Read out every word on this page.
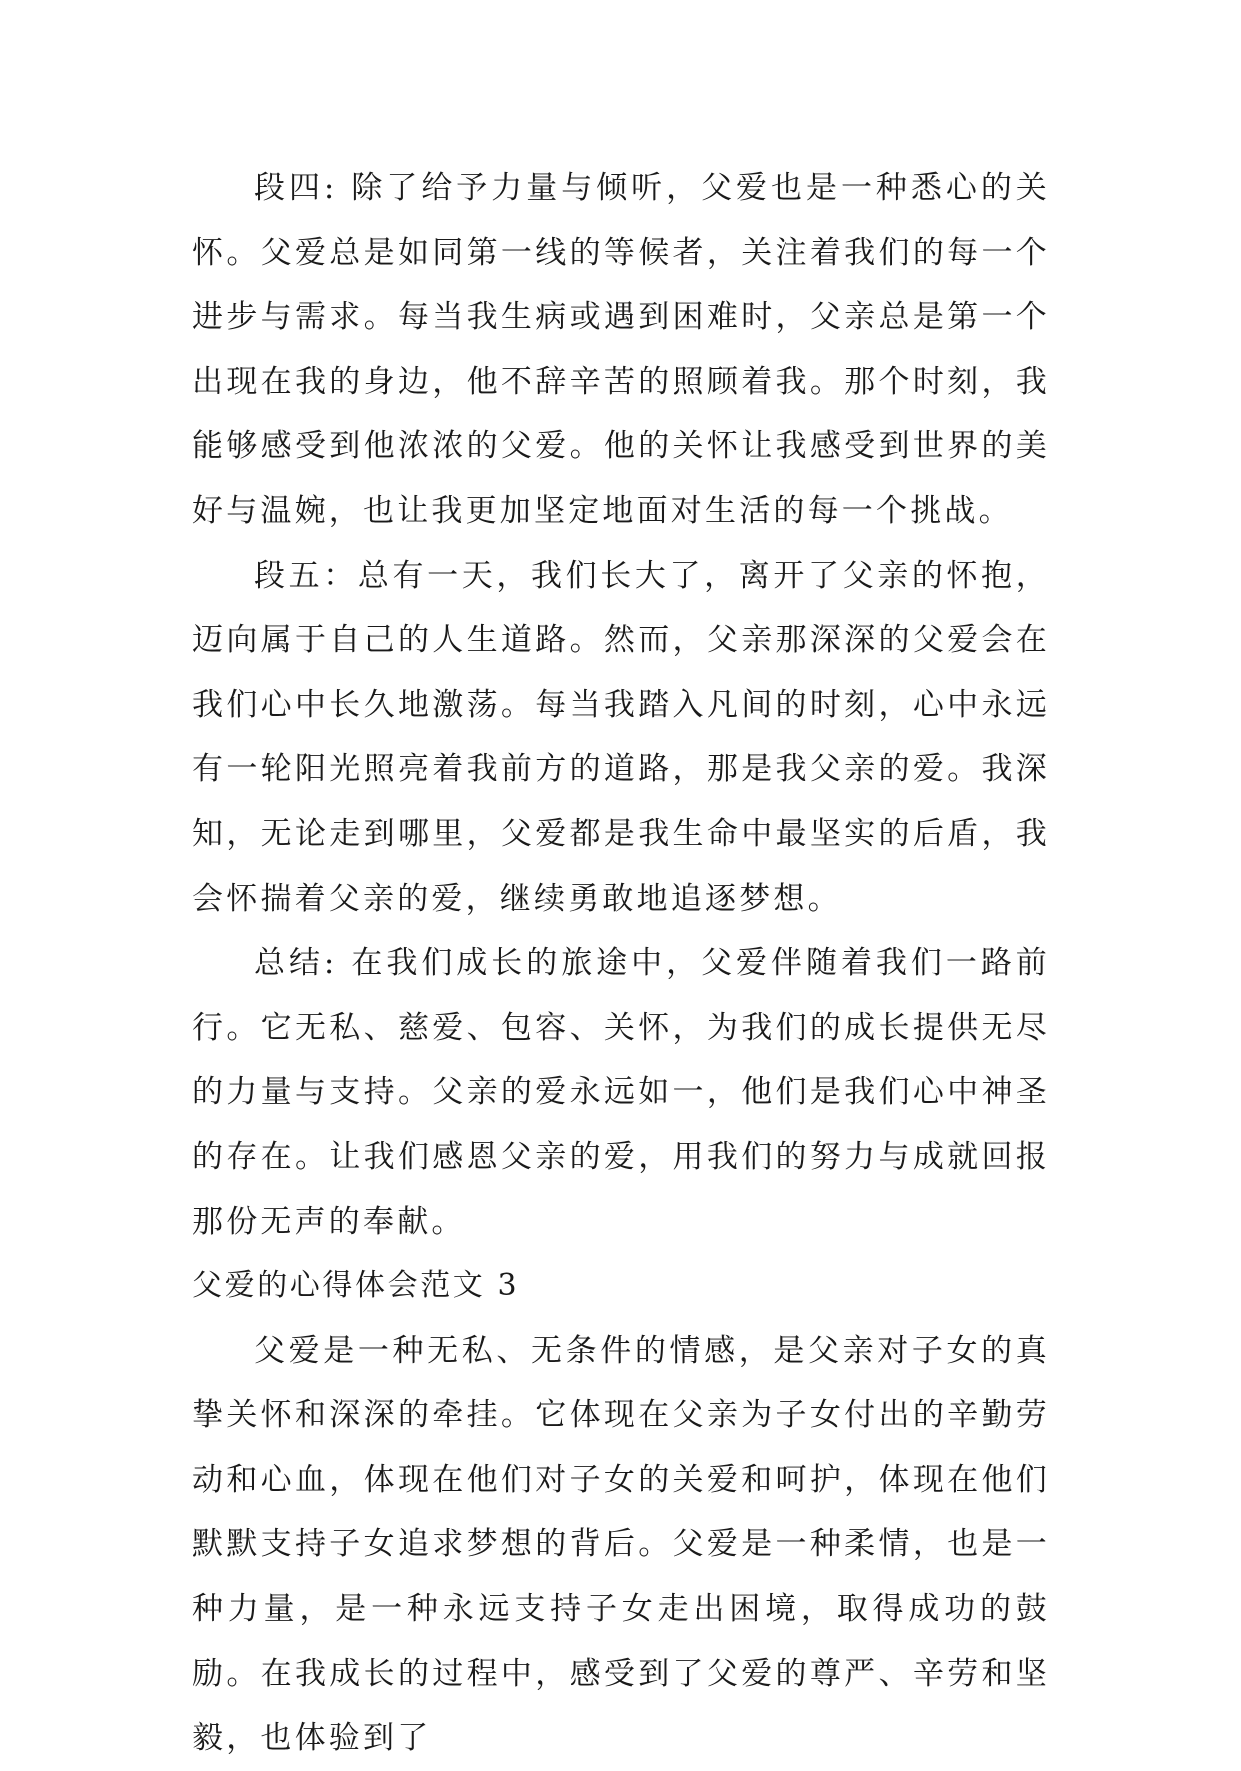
段四: 除了给予力量与倾听，父爱也是一种悉心的关怀。父爱总是如同第一线的等候者，关注着我们的每一个进步与需求。每当我生病或遇到困难时，父亲总是第一个出现在我的身边，他不辞辛苦的照顾着我。那个时刻，我能够感受到他浓浓的父爱。他的关怀让我感受到世界的美好与温婉，也让我更加坚定地面对生活的每一个挑战。

段五：总有一天，我们长大了，离开了父亲的怀抱，迈向属于自己的人生道路。然而，父亲那深深的父爱会在我们心中长久地激荡。每当我踏入凡间的时刻，心中永远有一轮阳光照亮着我前方的道路，那是我父亲的爱。我深知，无论走到哪里，父爱都是我生命中最坚实的后盾，我会怀揣着父亲的爱，继续勇敢地追逐梦想。

总结: 在我们成长的旅途中，父爱伴随着我们一路前行。它无私、慈爱、包容、关怀，为我们的成长提供无尽的力量与支持。父亲的爱永远如一，他们是我们心中神圣的存在。让我们感恩父亲的爱，用我们的努力与成就回报那份无声的奉献。

父爱的心得体会范文 3

父爱是一种无私、无条件的情感，是父亲对子女的真挚关怀和深深的牵挂。它体现在父亲为子女付出的辛勤劳动和心血，体现在他们对子女的关爱和呵护，体现在他们默默支持子女追求梦想的背后。父爱是一种柔情，也是一种力量，是一种永远支持子女走出困境，取得成功的鼓励。在我成长的过程中，感受到了父爱的尊严、辛劳和坚毅，也体验到了
